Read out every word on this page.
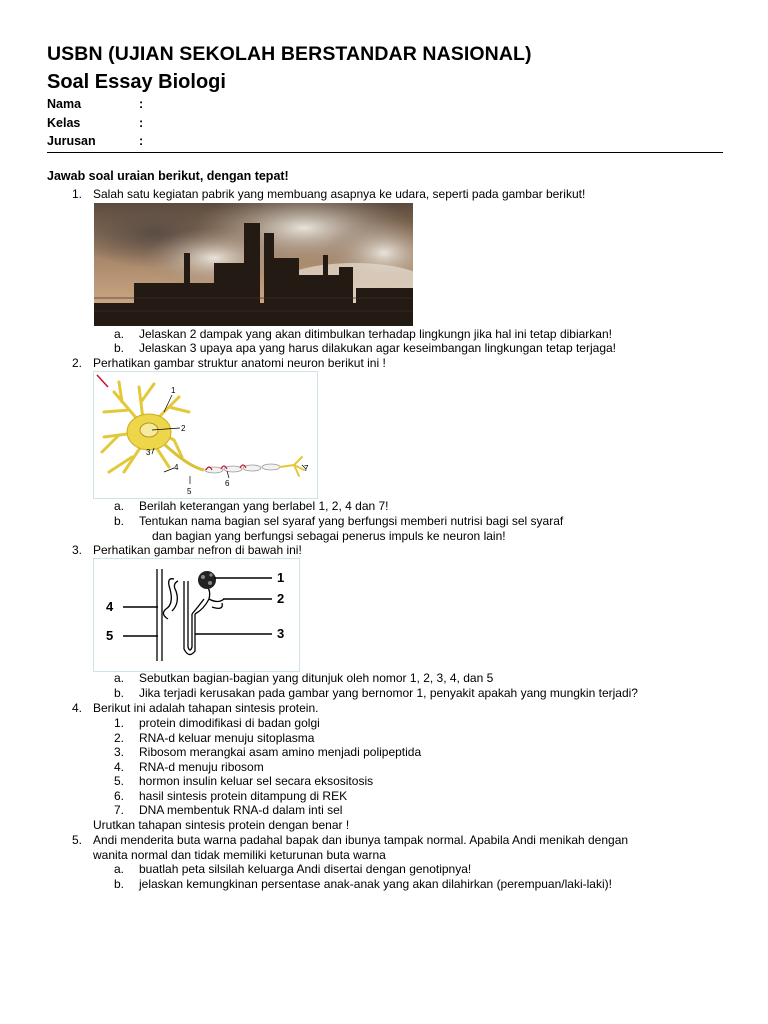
USBN (UJIAN SEKOLAH BERSTANDAR NASIONAL)
Soal Essay Biologi
Nama	:
Kelas	:
Jurusan	:
Jawab soal uraian berikut, dengan tepat!
1. Salah satu kegiatan pabrik yang membuang asapnya ke udara, seperti pada gambar berikut!
a. Jelaskan 2 dampak yang akan ditimbulkan terhadap lingkungn jika hal ini tetap dibiarkan!
b. Jelaskan 3 upaya apa yang harus dilakukan agar keseimbangan lingkungan tetap terjaga!
2. Perhatikan gambar struktur anatomi neuron berikut ini !
1
2
3
4
5
6
7
a. Berilah keterangan yang berlabel 1, 2, 4 dan 7!
b. Tentukan nama bagian sel syaraf yang berfungsi memberi nutrisi bagi sel syaraf
dan bagian yang berfungsi sebagai penerus impuls ke neuron lain!
3. Perhatikan gambar nefron di bawah ini!
1
2
3
4
5
a. Sebutkan bagian-bagian yang ditunjuk oleh nomor 1, 2, 3, 4, dan 5
b. Jika terjadi kerusakan pada gambar yang bernomor 1, penyakit apakah yang mungkin terjadi?
4. Berikut ini adalah tahapan sintesis protein.
1. protein dimodifikasi di badan golgi
2. RNA-d keluar menuju sitoplasma
3. Ribosom merangkai asam amino menjadi polipeptida
4. RNA-d menuju ribosom
5. hormon insulin keluar sel secara eksositosis
6. hasil sintesis protein ditampung di REK
7. DNA membentuk RNA-d dalam inti sel
Urutkan tahapan sintesis protein dengan benar !
5. Andi menderita buta warna padahal bapak dan ibunya tampak normal. Apabila Andi menikah dengan
wanita normal dan tidak memiliki keturunan buta warna
a. buatlah peta silsilah keluarga Andi disertai dengan genotipnya!
b. jelaskan kemungkinan persentase anak-anak yang akan dilahirkan (perempuan/laki-laki)!
